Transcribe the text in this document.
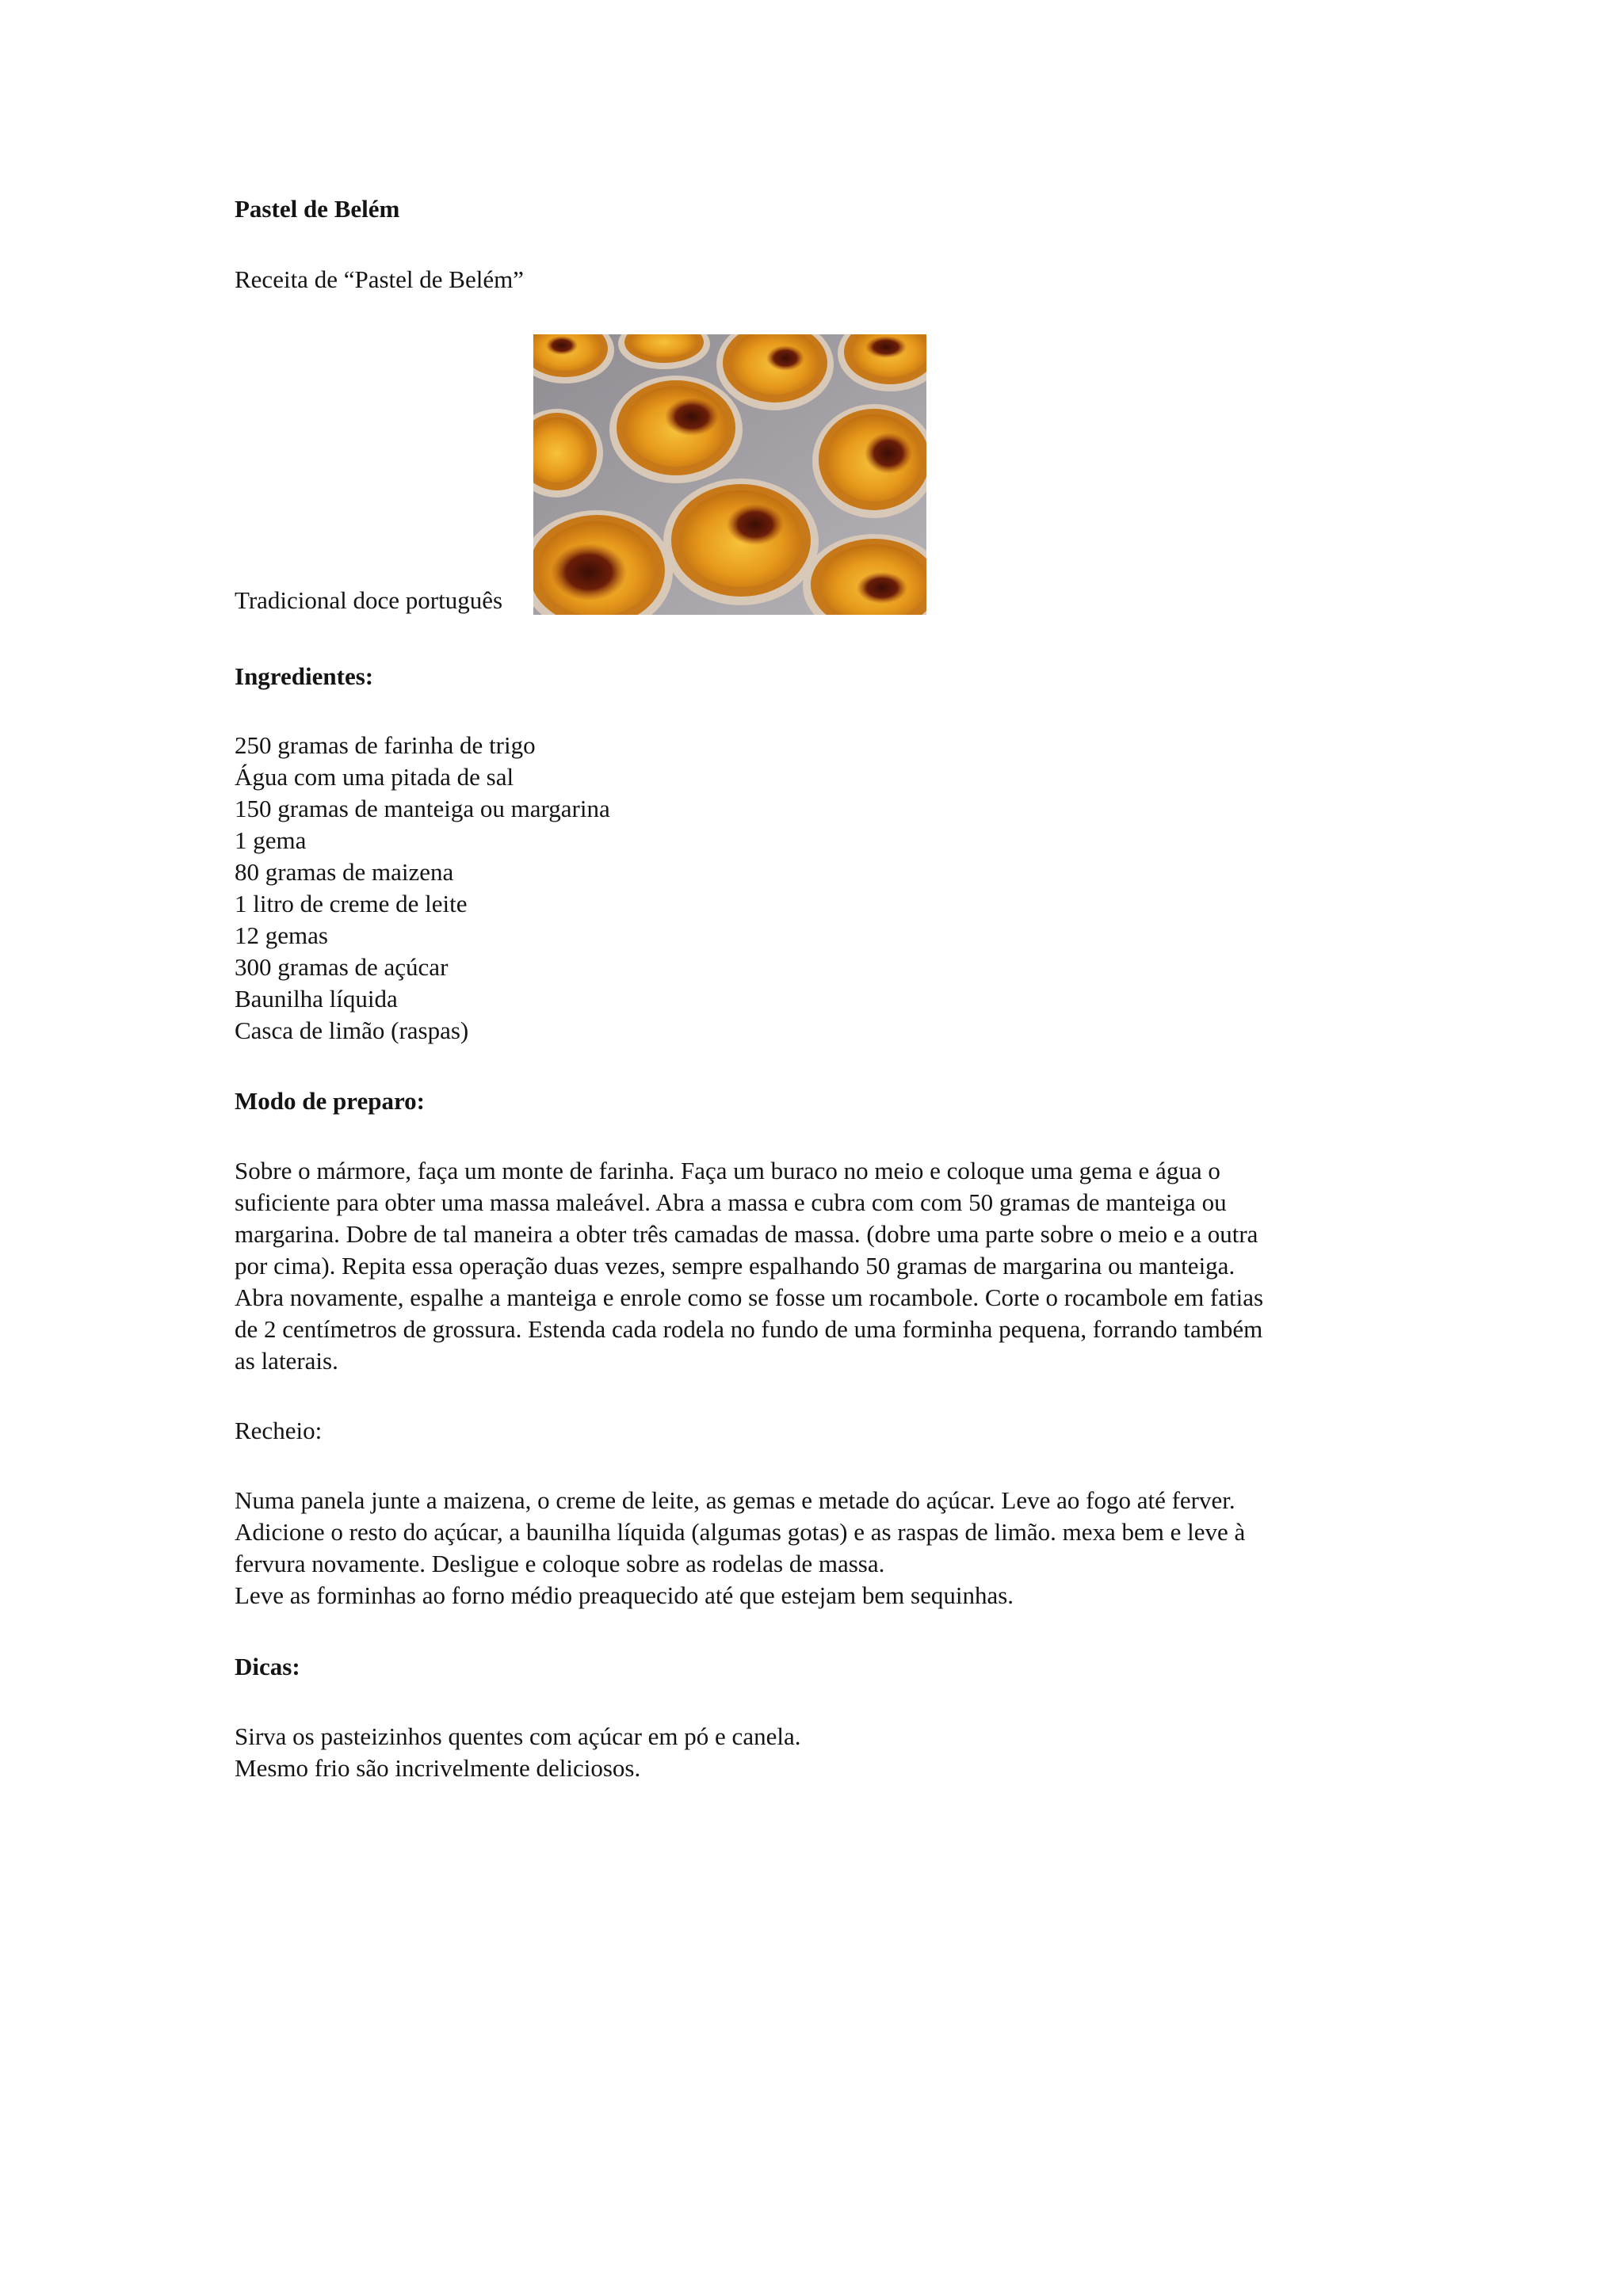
Pastel de Belém
Receita de “Pastel de Belém”
Tradicional doce português
Ingredientes:
250 gramas de farinha de trigo
Água com uma pitada de sal
150 gramas de manteiga ou margarina
1 gema
80 gramas de maizena
1 litro de creme de leite
12 gemas
300 gramas de açúcar
Baunilha líquida
Casca de limão (raspas)
Modo de preparo:
Sobre o mármore, faça um monte de farinha. Faça um buraco no meio e coloque uma gema e água o
suficiente para obter uma massa maleável. Abra a massa e cubra com com 50 gramas de manteiga ou
margarina. Dobre de tal maneira a obter três camadas de massa. (dobre uma parte sobre o meio e a outra
por cima). Repita essa operação duas vezes, sempre espalhando 50 gramas de margarina ou manteiga.
Abra novamente, espalhe a manteiga e enrole como se fosse um rocambole. Corte o rocambole em fatias
de 2 centímetros de grossura. Estenda cada rodela no fundo de uma forminha pequena, forrando também
as laterais.
Recheio:
Numa panela junte a maizena, o creme de leite, as gemas e metade do açúcar. Leve ao fogo até ferver.
Adicione o resto do açúcar, a baunilha líquida (algumas gotas) e as raspas de limão. mexa bem e leve à
fervura novamente. Desligue e coloque sobre as rodelas de massa.
Leve as forminhas ao forno médio preaquecido até que estejam bem sequinhas.
Dicas:
Sirva os pasteizinhos quentes com açúcar em pó e canela.
Mesmo frio são incrivelmente deliciosos.
